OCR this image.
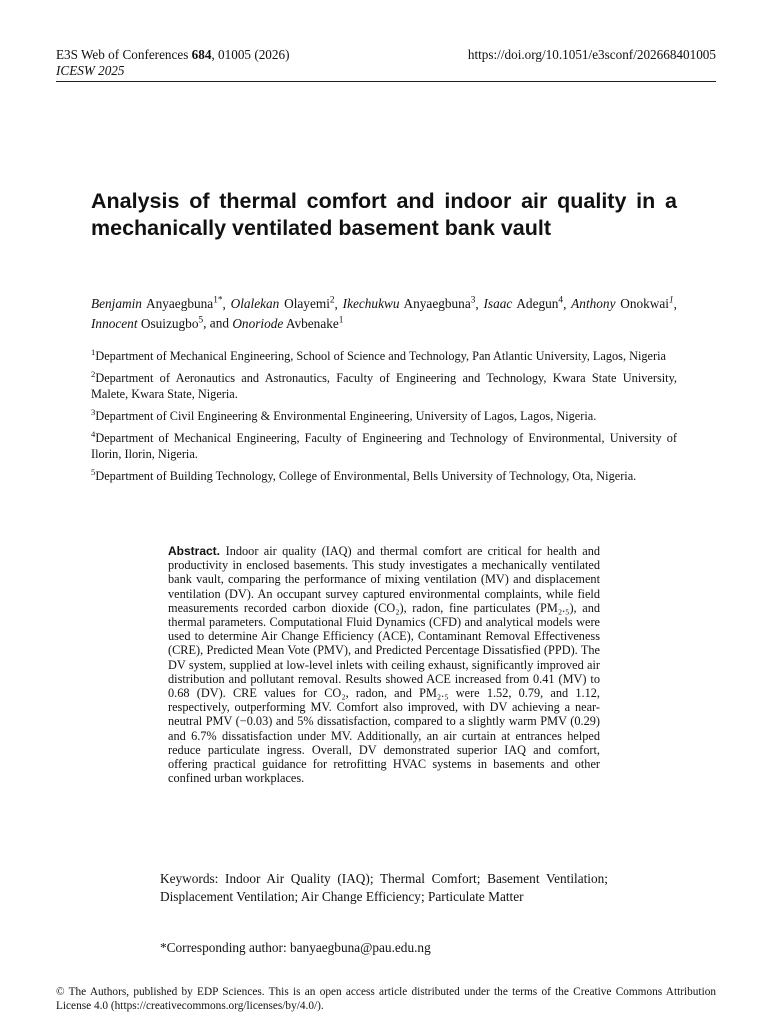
E3S Web of Conferences 684, 01005 (2026)
ICESW 2025
https://doi.org/10.1051/e3sconf/202668401005
Analysis of thermal comfort and indoor air quality in a mechanically ventilated basement bank vault
Benjamin Anyaegbuna$^{1*}$, Olalekan Olayemi$^2$, Ikechukwu Anyaegbuna$^3$, Isaac Adegun$^4$, Anthony Onokwai$^1$, Innocent Osuizugbo$^5$, and Onoriode Avbenake$^1$

$^1$Department of Mechanical Engineering, School of Science and Technology, Pan Atlantic University, Lagos, Nigeria

$^2$Department of Aeronautics and Astronautics, Faculty of Engineering and Technology, Kwara State University, Malete, Kwara State, Nigeria.

$^3$Department of Civil Engineering & Environmental Engineering, University of Lagos, Lagos, Nigeria.

$^4$Department of Mechanical Engineering, Faculty of Engineering and Technology of Environmental, University of Ilorin, Ilorin, Nigeria.

$^5$Department of Building Technology, College of Environmental, Bells University of Technology, Ota, Nigeria.

Abstract. Indoor air quality (IAQ) and thermal comfort are critical for health and productivity in enclosed basements. This study investigates a mechanically ventilated bank vault, comparing the performance of mixing ventilation (MV) and displacement ventilation (DV). An occupant survey captured environmental complaints, while field measurements recorded carbon dioxide (CO₂), radon, fine particulates (PM₂.₅), and thermal parameters. Computational Fluid Dynamics (CFD) and analytical models were used to determine Air Change Efficiency (ACE), Contaminant Removal Effectiveness (CRE), Predicted Mean Vote (PMV), and Predicted Percentage Dissatisfied (PPD). The DV system, supplied at low-level inlets with ceiling exhaust, significantly improved air distribution and pollutant removal. Results showed ACE increased from 0.41 (MV) to 0.68 (DV). CRE values for CO₂, radon, and PM₂.₅ were 1.52, 0.79, and 1.12, respectively, outperforming MV. Comfort also improved, with DV achieving a near-neutral PMV (−0.03) and 5% dissatisfaction, compared to a slightly warm PMV (0.29) and 6.7% dissatisfaction under MV. Additionally, an air curtain at entrances helped reduce particulate ingress. Overall, DV demonstrated superior IAQ and comfort, offering practical guidance for retrofitting HVAC systems in basements and other confined urban workplaces.
Keywords: Indoor Air Quality (IAQ); Thermal Comfort; Basement Ventilation; Displacement Ventilation; Air Change Efficiency; Particulate Matter
*Corresponding author: banyaegbuna@pau.edu.ng
© The Authors, published by EDP Sciences. This is an open access article distributed under the terms of the Creative Commons Attribution License 4.0 (https://creativecommons.org/licenses/by/4.0/).
